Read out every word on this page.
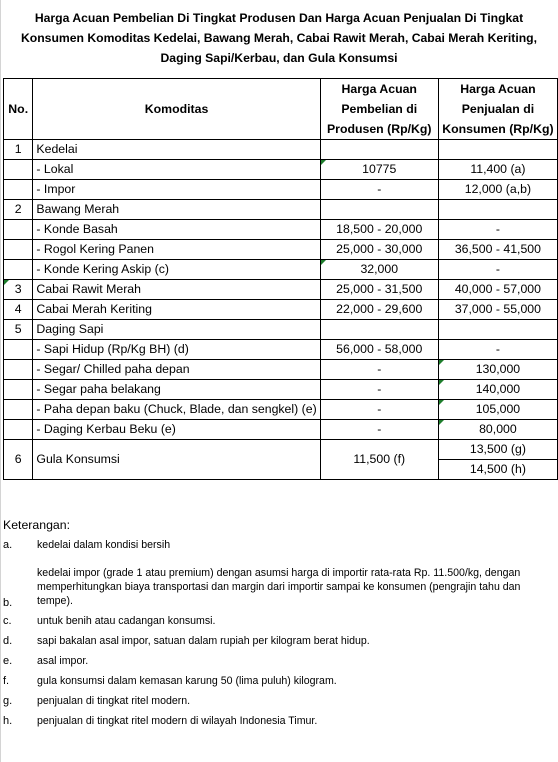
Harga Acuan Pembelian Di Tingkat Produsen Dan Harga Acuan Penjualan Di Tingkat Konsumen Komoditas Kedelai, Bawang Merah, Cabai Rawit Merah, Cabai Merah Keriting, Daging Sapi/Kerbau, dan Gula Konsumsi
No.	Komoditas	Harga Acuan Pembelian di Produsen (Rp/Kg)	Harga Acuan Penjualan di Konsumen (Rp/Kg)
1	Kedelai		
	- Lokal	10775	11,400 (a)
	- Impor	-	12,000 (a,b)
2	Bawang Merah		
	- Konde Basah	18,500 - 20,000	-
	- Rogol Kering Panen	25,000 - 30,000	36,500 - 41,500
	- Konde Kering Askip (c)	32,000	-
3	Cabai Rawit Merah	25,000 - 31,500	40,000 - 57,000
4	Cabai Merah Keriting	22,000 - 29,600	37,000 - 55,000
5	Daging Sapi		
	- Sapi Hidup (Rp/Kg BH) (d)	56,000 - 58,000	-
	- Segar/ Chilled paha depan	-	130,000
	- Segar paha belakang	-	140,000
	- Paha depan baku (Chuck, Blade, dan sengkel) (e)	-	105,000
	- Daging Kerbau Beku (e)	-	80,000
6	Gula Konsumsi	11,500 (f)	13,500 (g)
			14,500 (h)
Keterangan:
a. kedelai dalam kondisi bersih
b.
kedelai impor (grade 1 atau premium) dengan asumsi harga di importir rata-rata Rp. 11.500/kg, dengan memperhitungkan biaya transportasi dan margin dari importir sampai ke konsumen (pengrajin tahu dan tempe).
c. untuk benih atau cadangan konsumsi.
d. sapi bakalan asal impor, satuan dalam rupiah per kilogram berat hidup.
e. asal impor.
f.	gula konsumsi dalam kemasan karung 50 (lima puluh) kilogram.
g. penjualan di tingkat ritel modern.
h. penjualan di tingkat ritel modern di wilayah Indonesia Timur.
